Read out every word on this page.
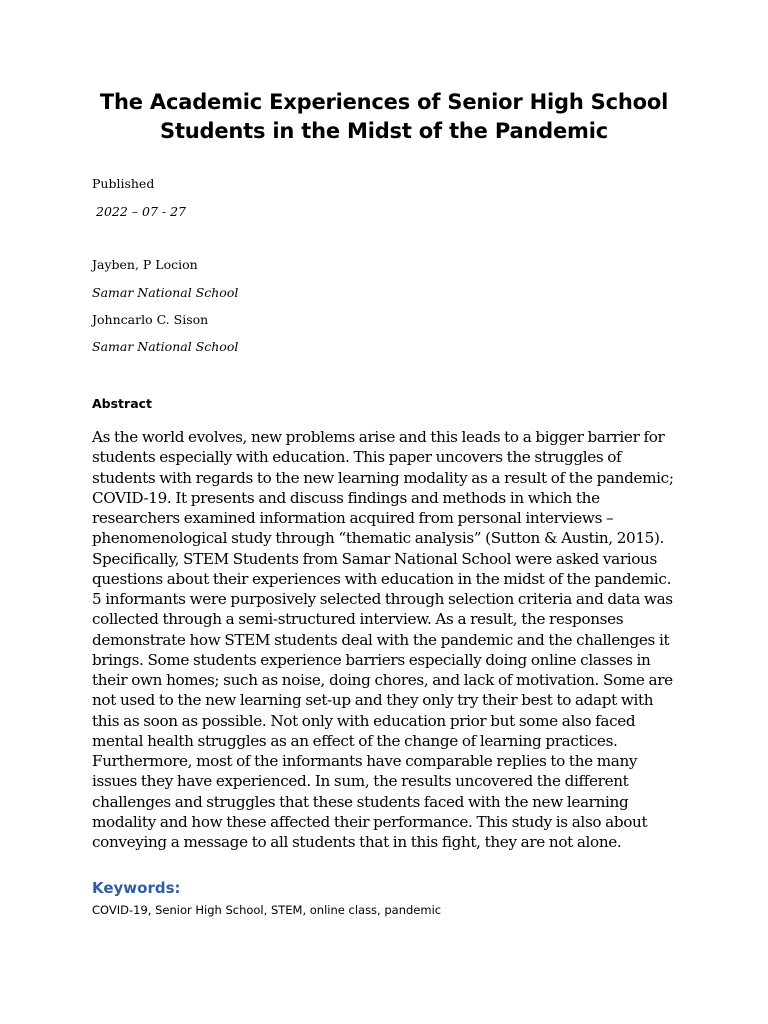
The Academic Experiences of Senior High School Students in the Midst of the Pandemic

Published

2022 – 07 - 27

Jayben, P Locion

Samar National School

Johncarlo C. Sison

Samar National School

Abstract

As the world evolves, new problems arise and this leads to a bigger barrier for students especially with education. This paper uncovers the struggles of students with regards to the new learning modality as a result of the pandemic; COVID-19. It presents and discuss findings and methods in which the researchers examined information acquired from personal interviews – phenomenological study through “thematic analysis” (Sutton & Austin, 2015). Specifically, STEM Students from Samar National School were asked various questions about their experiences with education in the midst of the pandemic. 5 informants were purposively selected through selection criteria and data was collected through a semi-structured interview. As a result, the responses demonstrate how STEM students deal with the pandemic and the challenges it brings. Some students experience barriers especially doing online classes in their own homes; such as noise, doing chores, and lack of motivation. Some are not used to the new learning set-up and they only try their best to adapt with this as soon as possible. Not only with education prior but some also faced mental health struggles as an effect of the change of learning practices. Furthermore, most of the informants have comparable replies to the many issues they have experienced. In sum, the results uncovered the different challenges and struggles that these students faced with the new learning modality and how these affected their performance. This study is also about conveying a message to all students that in this fight, they are not alone.

Keywords:

COVID-19, Senior High School, STEM, online class, pandemic
